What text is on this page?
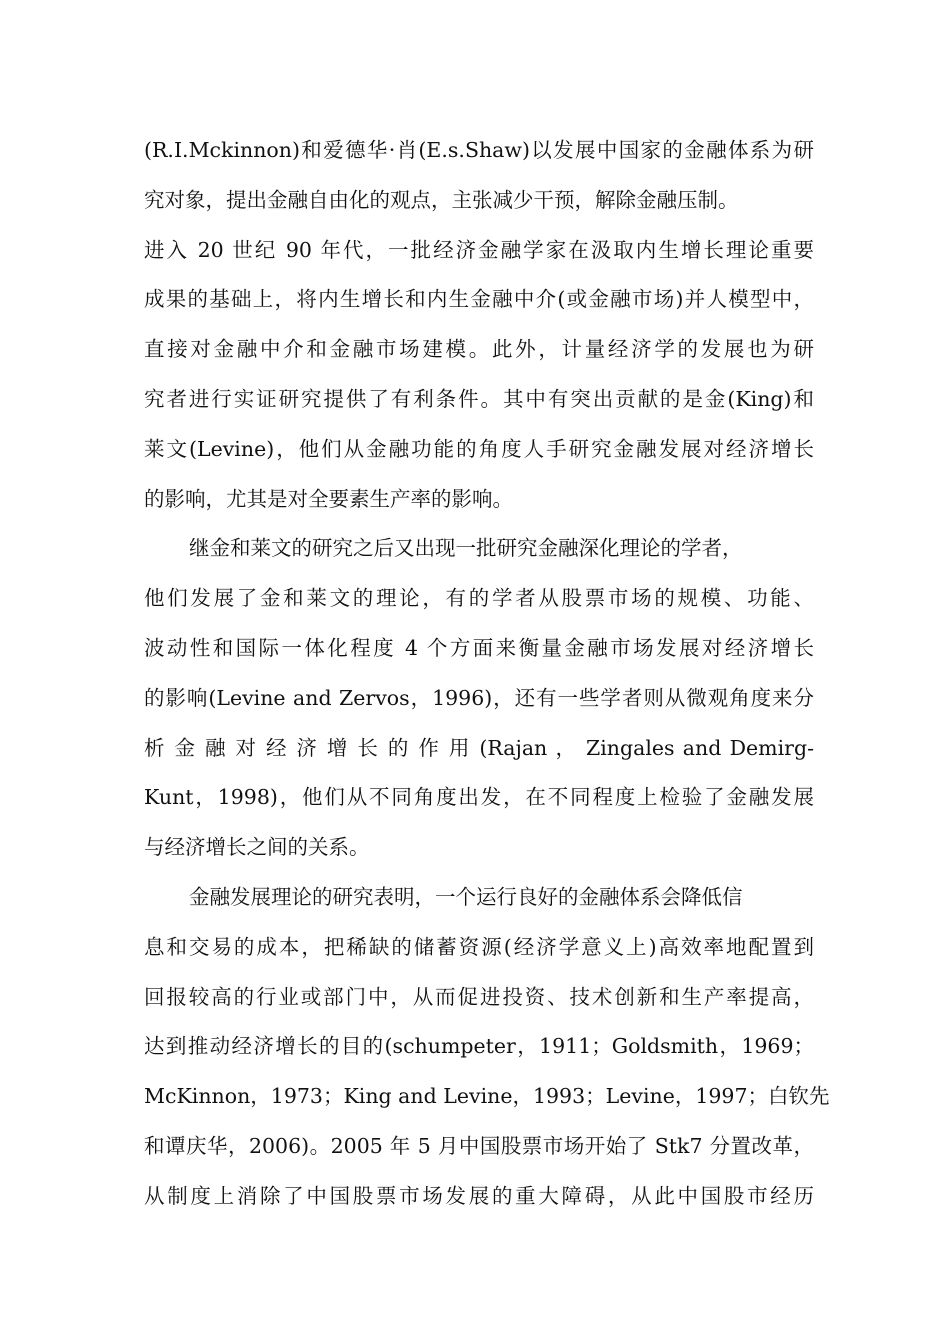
(R.I.Mckinnon)和爱德华·肖(E.s.Shaw)以发展中国家的金融体系为研
究对象，提出金融自由化的观点，主张减少干预，解除金融压制。
进入 20 世纪 90 年代，一批经济金融学家在汲取内生增长理论重要
成果的基础上，将内生增长和内生金融中介(或金融市场)并人模型中，
直接对金融中介和金融市场建模。此外，计量经济学的发展也为研
究者进行实证研究提供了有利条件。其中有突出贡献的是金(King)和
莱文(Levine)，他们从金融功能的角度人手研究金融发展对经济增长
的影响，尤其是对全要素生产率的影响。
继金和莱文的研究之后又出现一批研究金融深化理论的学者，
他们发展了金和莱文的理论，有的学者从股票市场的规模、功能、
波动性和国际一体化程度 4 个方面来衡量金融市场发展对经济增长
的影响(Levine and Zervos，1996)，还有一些学者则从微观角度来分
析 金 融 对 经 济 增 长 的 作 用 (Rajan ， Zingales and Demirg-
Kunt，1998)，他们从不同角度出发，在不同程度上检验了金融发展
与经济增长之间的关系。
金融发展理论的研究表明，一个运行良好的金融体系会降低信
息和交易的成本，把稀缺的储蓄资源(经济学意义上)高效率地配置到
回报较高的行业或部门中，从而促进投资、技术创新和生产率提高，
达到推动经济增长的目的(schumpeter，1911；Goldsmith，1969；
McKinnon，1973；King and Levine，1993；Levine，1997；白钦先
和谭庆华，2006)。2005 年 5 月中国股票市场开始了 Stk7 分置改革，
从制度上消除了中国股票市场发展的重大障碍，从此中国股市经历
